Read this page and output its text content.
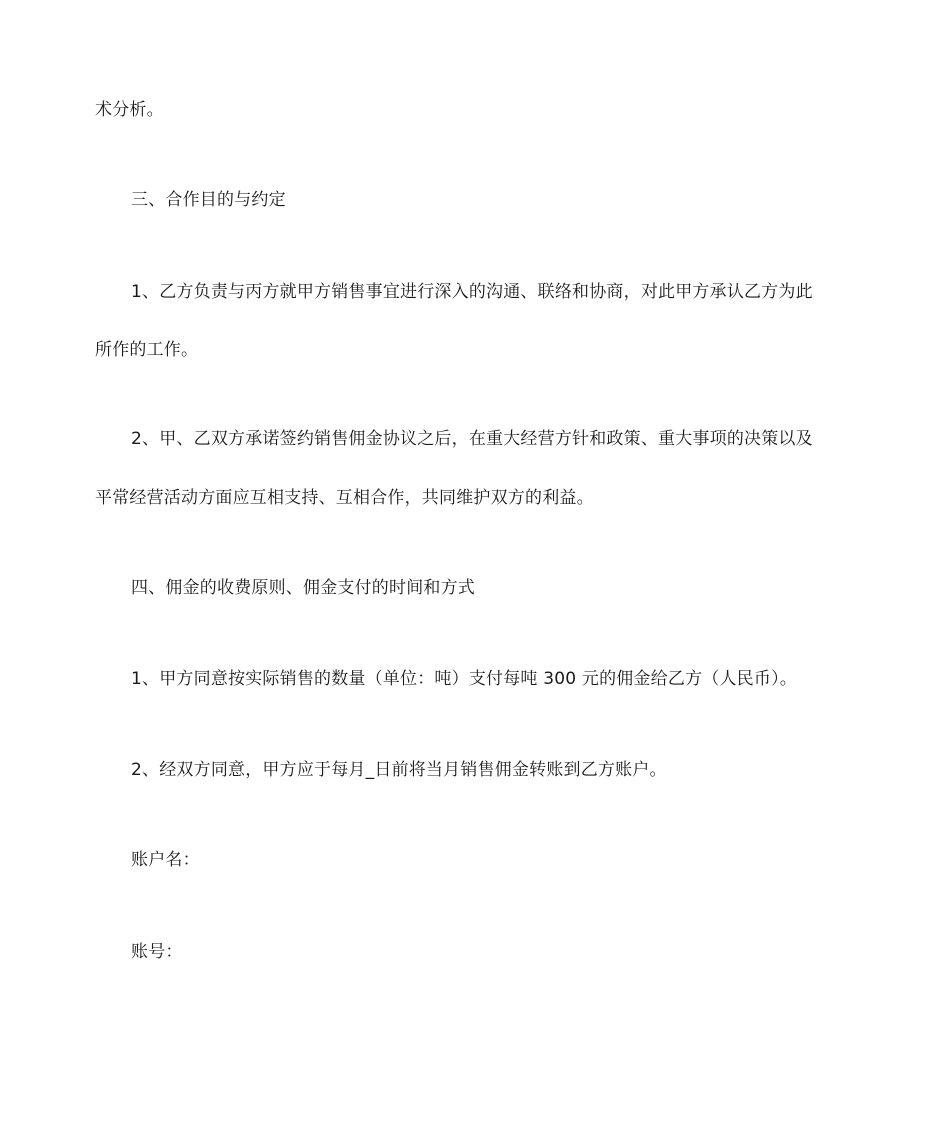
术分析。
三、合作目的与约定
1、乙方负责与丙方就甲方销售事宜进行深入的沟通、联络和协商，对此甲方承认乙方为此
所作的工作。
2、甲、乙双方承诺签约销售佣金协议之后，在重大经营方针和政策、重大事项的决策以及
平常经营活动方面应互相支持、互相合作，共同维护双方的利益。
四、佣金的收费原则、佣金支付的时间和方式
1、甲方同意按实际销售的数量（单位：吨）支付每吨 300 元的佣金给乙方（人民币）。
2、经双方同意，甲方应于每月_日前将当月销售佣金转账到乙方账户。
账户名：
账号：
